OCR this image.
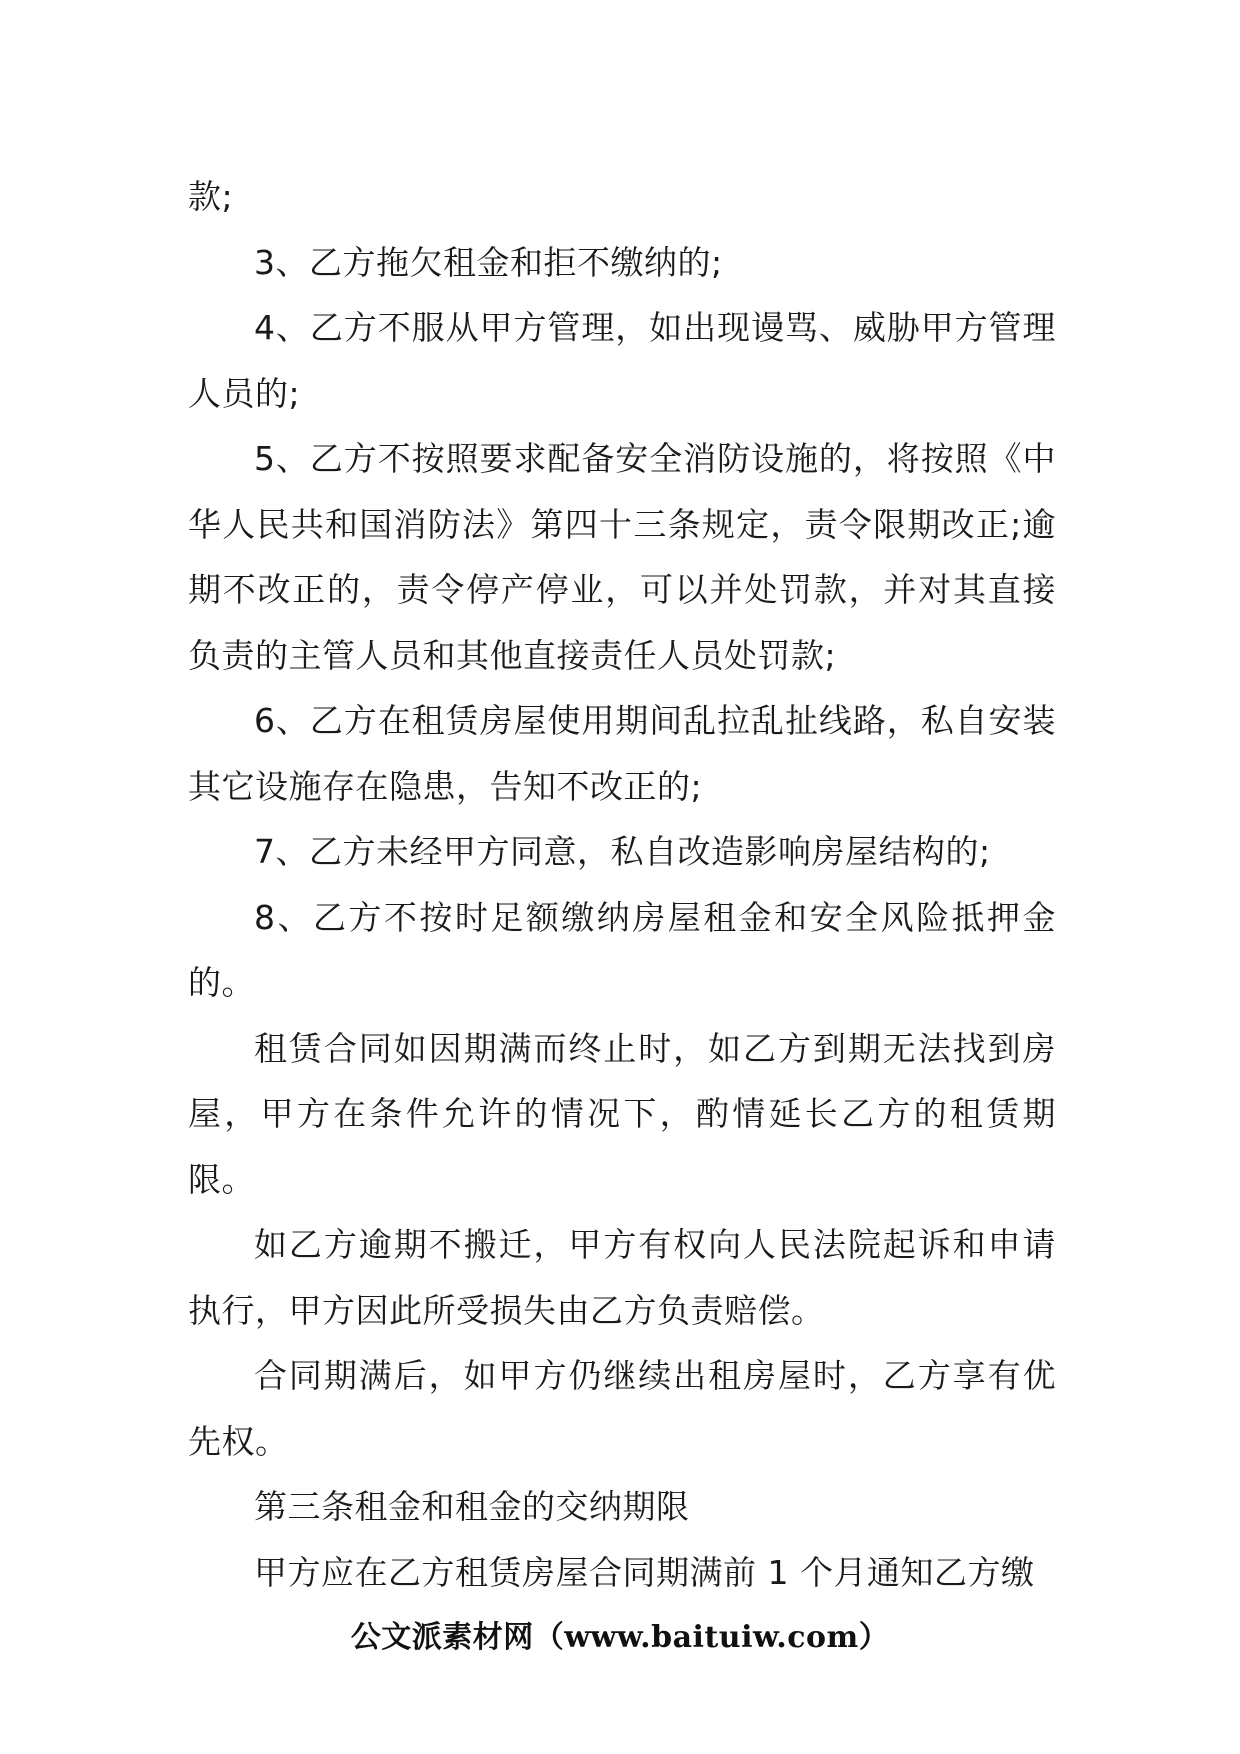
款;

3、乙方拖欠租金和拒不缴纳的;

4、乙方不服从甲方管理，如出现谩骂、威胁甲方管理人员的;

5、乙方不按照要求配备安全消防设施的，将按照《中华人民共和国消防法》第四十三条规定，责令限期改正;逾期不改正的，责令停产停业，可以并处罚款，并对其直接负责的主管人员和其他直接责任人员处罚款;

6、乙方在租赁房屋使用期间乱拉乱扯线路，私自安装其它设施存在隐患，告知不改正的;

7、乙方未经甲方同意，私自改造影响房屋结构的;

8、乙方不按时足额缴纳房屋租金和安全风险抵押金的。

租赁合同如因期满而终止时，如乙方到期无法找到房屋，甲方在条件允许的情况下，酌情延长乙方的租赁期限。

如乙方逾期不搬迁，甲方有权向人民法院起诉和申请执行，甲方因此所受损失由乙方负责赔偿。

合同期满后，如甲方仍继续出租房屋时，乙方享有优先权。

第三条租金和租金的交纳期限

甲方应在乙方租赁房屋合同期满前 1 个月通知乙方缴

公文派素材网（www.baituiw.com）
